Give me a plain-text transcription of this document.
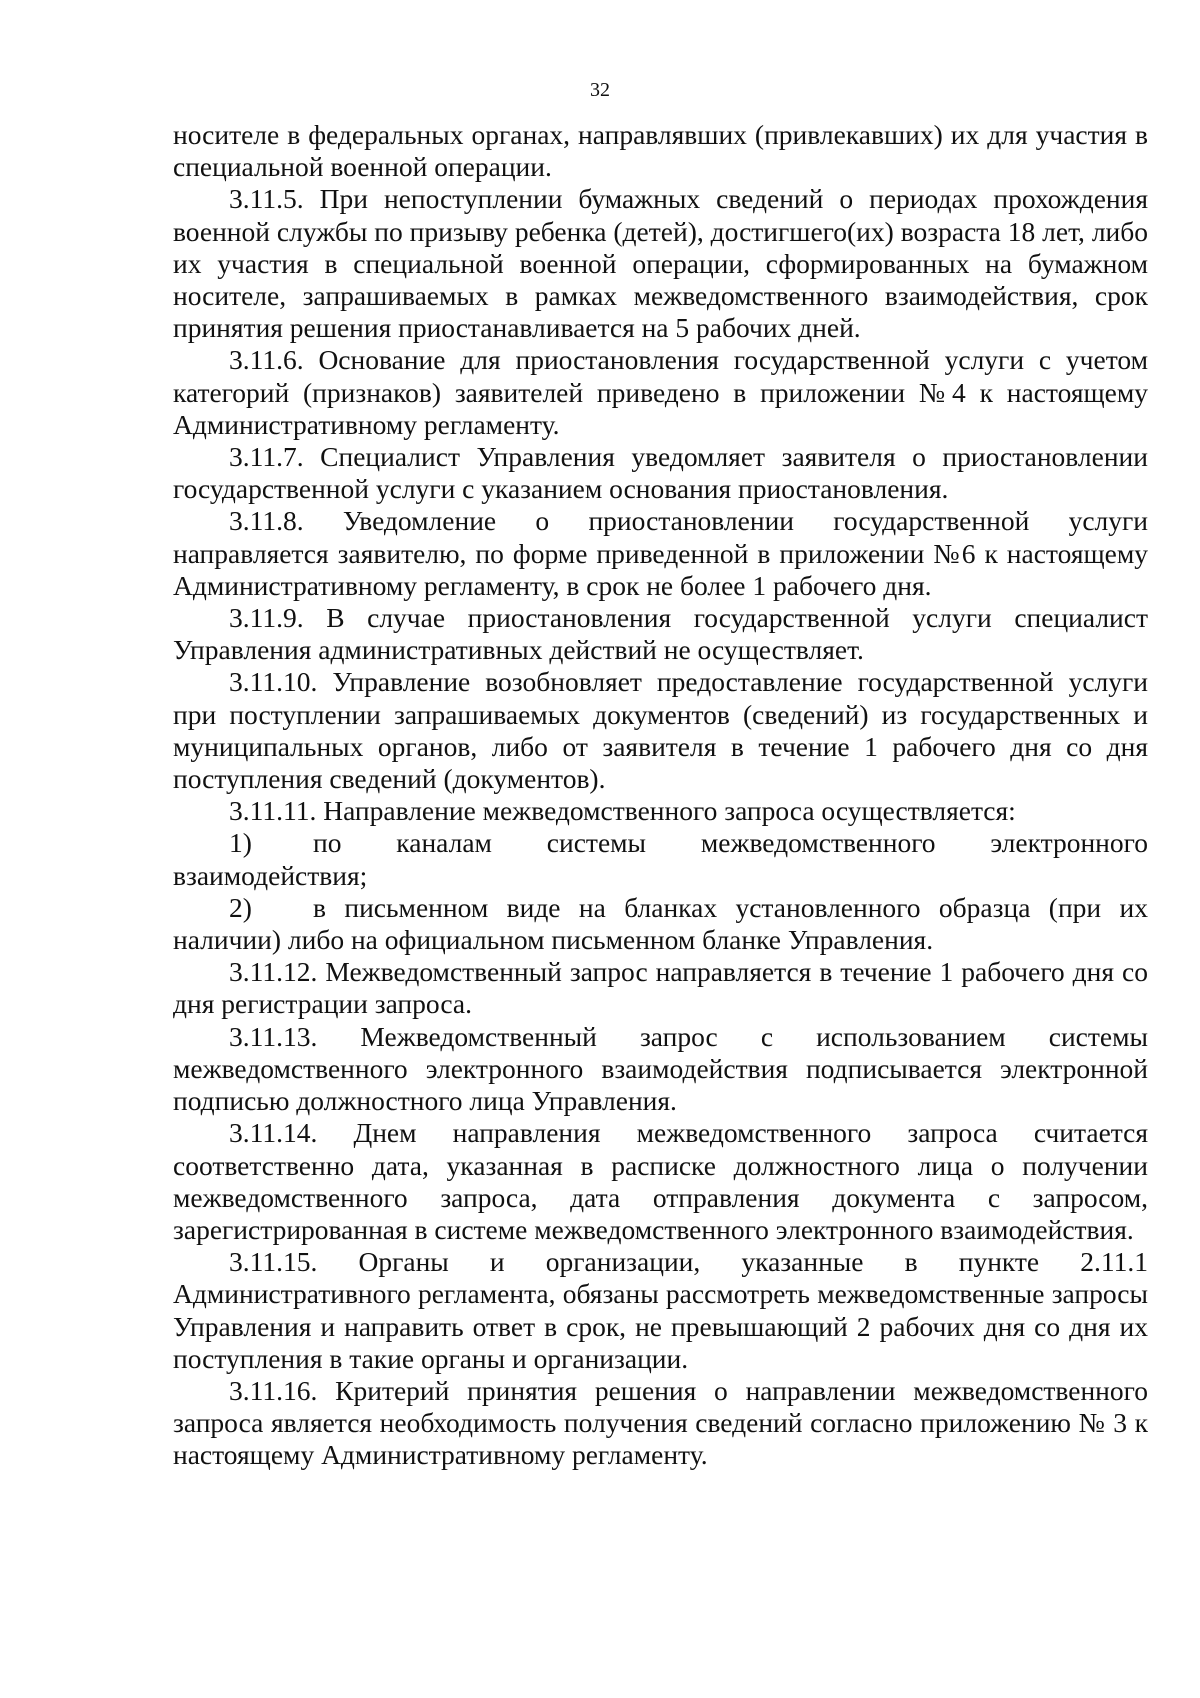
32

носителе в федеральных органах, направлявших (привлекавших) их для участия в специальной военной операции.

3.11.5. При непоступлении бумажных сведений о периодах прохождения военной службы по призыву ребенка (детей), достигшего(их) возраста 18 лет, либо их участия в специальной военной операции, сформированных на бумажном носителе, запрашиваемых в рамках межведомственного взаимодействия, срок принятия решения приостанавливается на 5 рабочих дней.

3.11.6. Основание для приостановления государственной услуги с учетом категорий (признаков) заявителей приведено в приложении №4 к настоящему Административному регламенту.

3.11.7. Специалист Управления уведомляет заявителя о приостановлении государственной услуги с указанием основания приостановления.

3.11.8. Уведомление о приостановлении государственной услуги направляется заявителю, по форме приведенной в приложении №6 к настоящему Административному регламенту, в срок не более 1 рабочего дня.

3.11.9. В случае приостановления государственной услуги специалист Управления административных действий не осуществляет.

3.11.10. Управление возобновляет предоставление государственной услуги при поступлении запрашиваемых документов (сведений) из государственных и муниципальных органов, либо от заявителя в течение 1 рабочего дня со дня поступления сведений (документов).

3.11.11. Направление межведомственного запроса осуществляется:

1) по каналам системы межведомственного электронного взаимодействия;

2) в письменном виде на бланках установленного образца (при их наличии) либо на официальном письменном бланке Управления.

3.11.12. Межведомственный запрос направляется в течение 1 рабочего дня со дня регистрации запроса.

3.11.13. Межведомственный запрос с использованием системы межведомственного электронного взаимодействия подписывается электронной подписью должностного лица Управления.

3.11.14. Днем направления межведомственного запроса считается соответственно дата, указанная в расписке должностного лица о получении межведомственного запроса, дата отправления документа с запросом, зарегистрированная в системе межведомственного электронного взаимодействия.

3.11.15. Органы и организации, указанные в пункте 2.11.1 Административного регламента, обязаны рассмотреть межведомственные запросы Управления и направить ответ в срок, не превышающий 2 рабочих дня со дня их поступления в такие органы и организации.

3.11.16. Критерий принятия решения о направлении межведомственного запроса является необходимость получения сведений согласно приложению № 3 к настоящему Административному регламенту.
